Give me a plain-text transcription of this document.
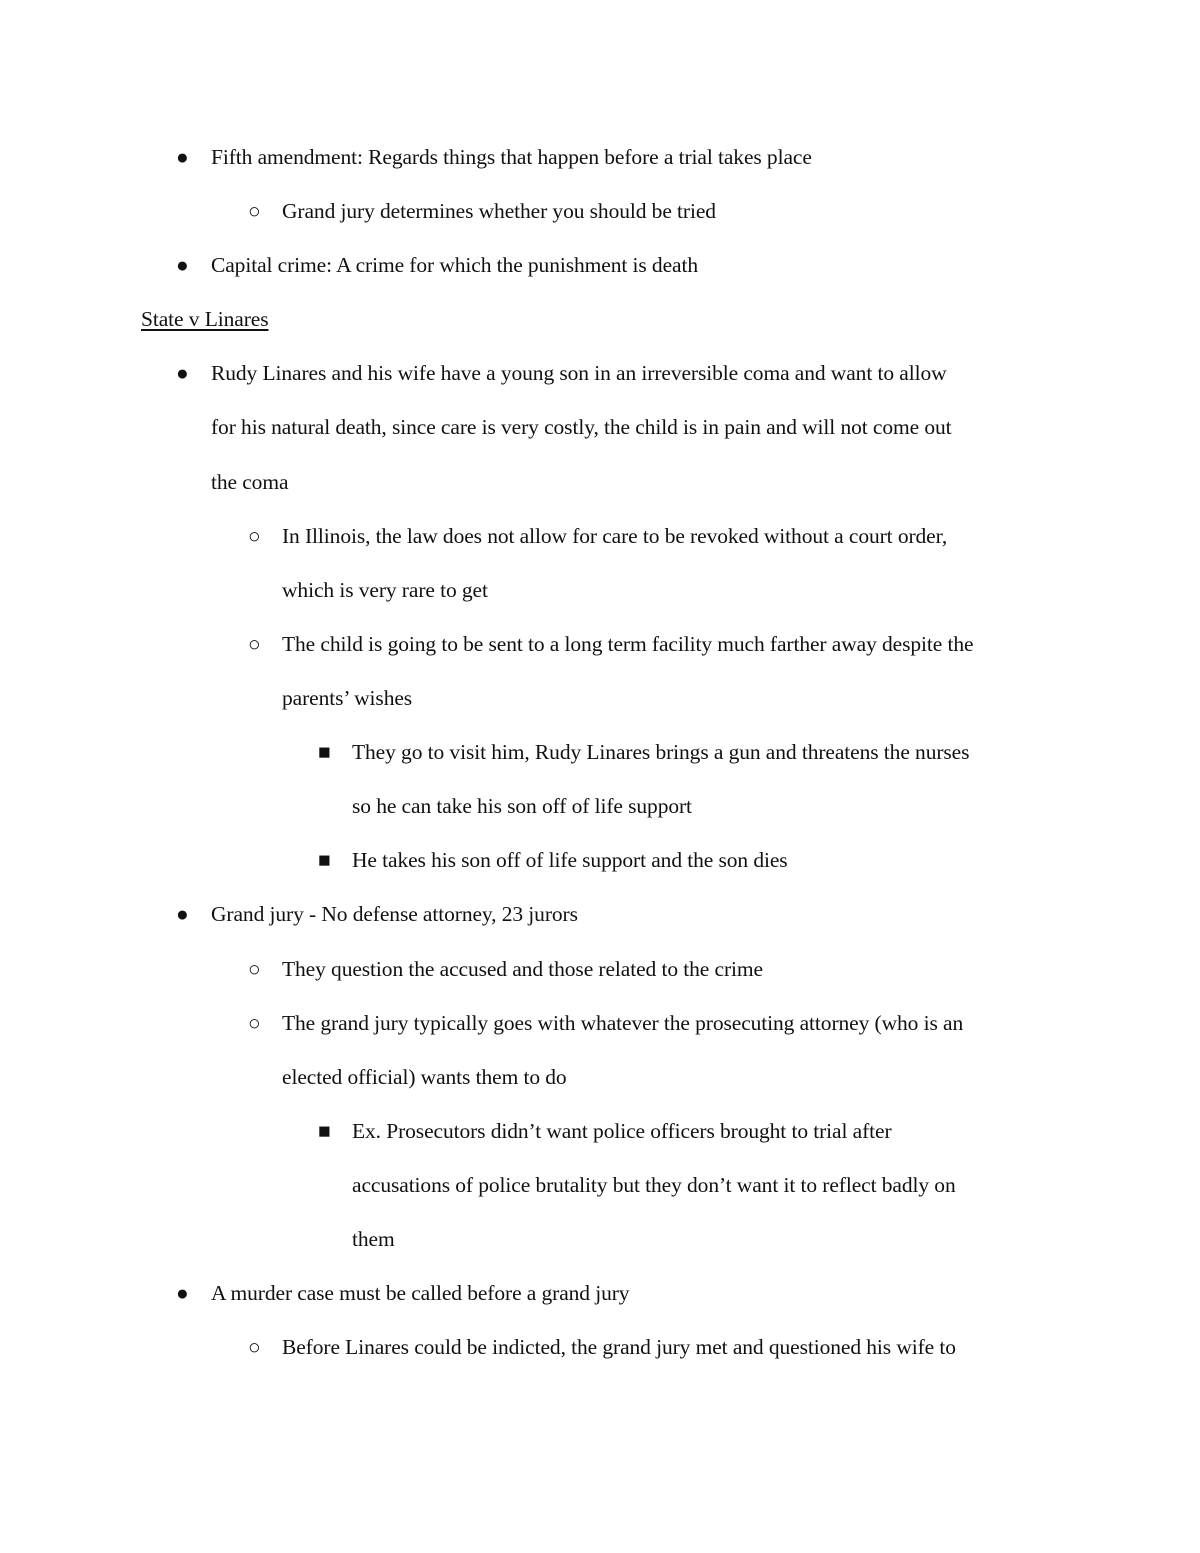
● Fifth amendment: Regards things that happen before a trial takes place
○ Grand jury determines whether you should be tried
● Capital crime: A crime for which the punishment is death
State v Linares
● Rudy Linares and his wife have a young son in an irreversible coma and want to allow
for his natural death, since care is very costly, the child is in pain and will not come out
the coma
○ In Illinois, the law does not allow for care to be revoked without a court order,
which is very rare to get
○ The child is going to be sent to a long term facility much farther away despite the
parents’ wishes
■ They go to visit him, Rudy Linares brings a gun and threatens the nurses
so he can take his son off of life support
■ He takes his son off of life support and the son dies
● Grand jury - No defense attorney, 23 jurors
○ They question the accused and those related to the crime
○ The grand jury typically goes with whatever the prosecuting attorney (who is an
elected official) wants them to do
■ Ex. Prosecutors didn’t want police officers brought to trial after
accusations of police brutality but they don’t want it to reflect badly on
them
● A murder case must be called before a grand jury
○ Before Linares could be indicted, the grand jury met and questioned his wife to
